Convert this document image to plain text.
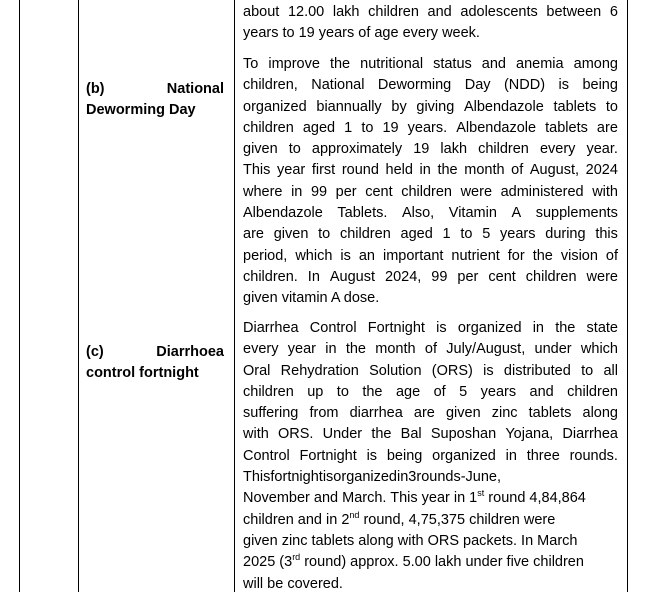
about 12.00 lakh children and adolescents between 6
years to 19 years of age every week.
(b)	National
Deworming Day
To improve the nutritional status and anemia among
children, National Deworming Day (NDD) is being
organized biannually by giving Albendazole tablets to
children aged 1 to 19 years. Albendazole tablets are
given to approximately 19 lakh children every year.
This year first round held in the month of August, 2024
where in 99 per cent children were administered with
Albendazole Tablets. Also, Vitamin A supplements
are given to children aged 1 to 5 years during this
period, which is an important nutrient for the vision of
children. In August 2024, 99 per cent children were
given vitamin A dose.
(c)	Diarrhoea
control fortnight
Diarrhea Control Fortnight is organized in the state
every year in the month of July/August, under which
Oral Rehydration Solution (ORS) is distributed to all
children up to the age of 5 years and children
suffering from diarrhea are given zinc tablets along
with ORS. Under the Bal Suposhan Yojana, Diarrhea
Control Fortnight is being organized in three rounds.
This fortnight is organized in 3 rounds -June,
November and March. This year in 1st round 4,84,864
children and in 2nd round, 4,75,375 children were
given zinc tablets along with ORS packets. In March
2025 (3rd round) approx. 5.00 lakh under five children
will be covered.
